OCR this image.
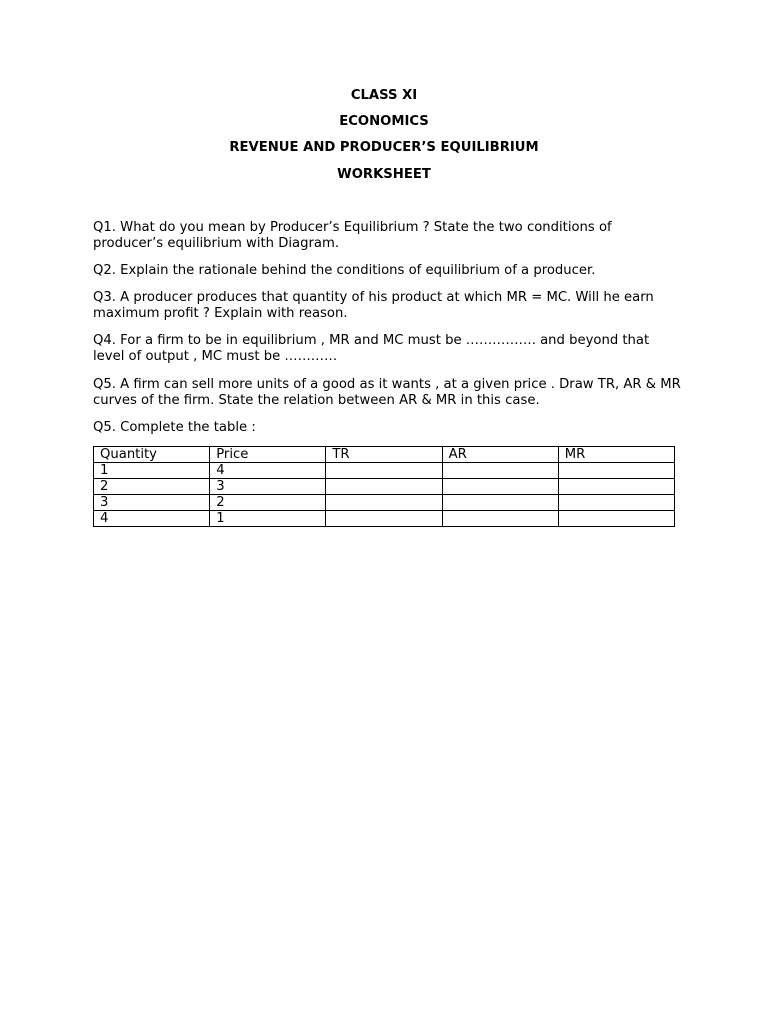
CLASS XI
ECONOMICS
REVENUE AND PRODUCER’S EQUILIBRIUM
WORKSHEET

Q1. What do you mean by Producer’s Equilibrium ? State the two conditions of producer’s equilibrium with Diagram.

Q2. Explain the rationale behind the conditions of equilibrium of a producer.

Q3. A producer produces that quantity of his product at which MR = MC. Will he earn maximum profit ? Explain with reason.

Q4. For a firm to be in equilibrium , MR and MC must be ……………. and beyond that level of output , MC must be …………

Q5. A firm can sell more units of a good as it wants , at a given price . Draw TR, AR & MR curves of the firm. State the relation between AR & MR in this case.

Q5. Complete the table :

Quantity	Price	TR	AR	MR
1	4			
2	3			
3	2			
4	1			
